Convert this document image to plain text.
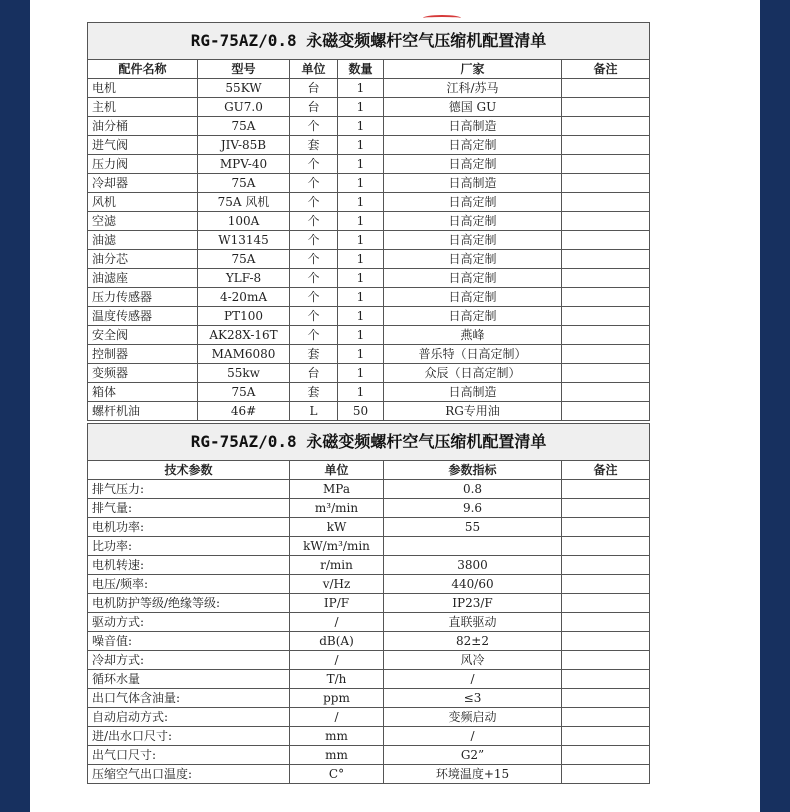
RG-75AZ/0.8 永磁变频螺杆空气压缩机配置清单					
配件名称	型号	单位	数量	厂家	备注
电机	55KW	台	1	江科/苏马	
主机	GU7.0	台	1	德国 GU	
油分桶	75A	个	1	日高制造	
进气阀	JIV-85B	套	1	日高定制	
压力阀	MPV-40	个	1	日高定制	
冷却器	75A	个	1	日高制造	
风机	75A 风机	个	1	日高定制	
空滤	100A	个	1	日高定制	
油滤	W13145	个	1	日高定制	
油分芯	75A	个	1	日高定制	
油滤座	YLF-8	个	1	日高定制	
压力传感器	4-20mA	个	1	日高定制	
温度传感器	PT100	个	1	日高定制	
安全阀	AK28X-16T	个	1	燕峰	
控制器	MAM6080	套	1	普乐特（日高定制）	
变频器	55kw	台	1	众辰（日高定制）	
箱体	75A	套	1	日高制造	
螺杆机油	46#	L	50	RG专用油	
RG-75AZ/0.8 永磁变频螺杆空气压缩机配置清单			
技术参数	单位	参数指标	备注
排气压力:	MPa	0.8	
排气量:	m³/min	9.6	
电机功率:	kW	55	
比功率:	kW/m³/min		
电机转速:	r/min	3800	
电压/频率:	v/Hz	440/60	
电机防护等级/绝缘等级:	IP/F	IP23/F	
驱动方式:	/	直联驱动	
噪音值:	dB(A)	82±2	
冷却方式:	/	风冷	
循环水量	T/h	/	
出口气体含油量:	ppm	≤3	
自动启动方式:	/	变频启动	
进/出水口尺寸:	mm	/	
出气口尺寸:	mm	G2”	
压缩空气出口温度:	C°	环境温度+15	
